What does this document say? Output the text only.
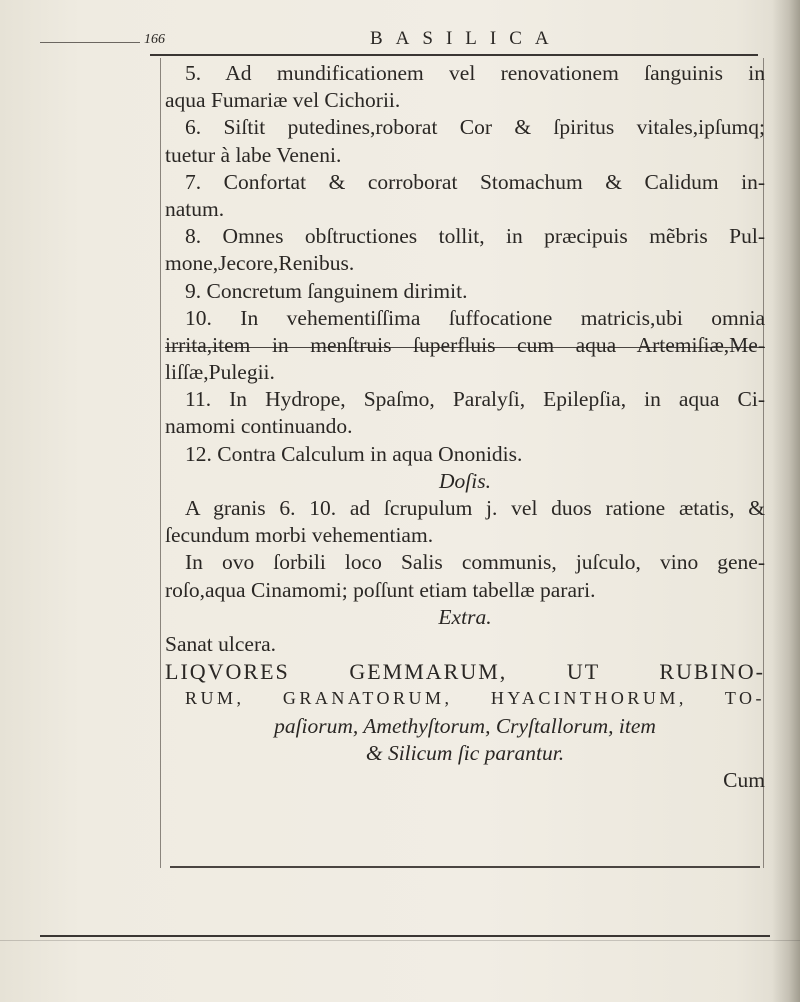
166	BASILICA
5. Ad mundificationem vel renovationem ſanguinis in
aqua Fumariæ vel Cichorii.
6. Siſtit putedines,roborat Cor & ſpiritus vitales,ipſumq;
tuetur à labe Veneni.
7. Confortat & corroborat Stomachum & Calidum in-
natum.
8. Omnes obſtructiones tollit, in præcipuis mẽbris Pul-
mone,Jecore,Renibus.
9. Concretum ſanguinem dirimit.
10. In vehementiſſima ſuffocatione matricis,ubi omnia
irrita,item in menſtruis ſuperfluis cum aqua Artemiſiæ,Me-
liſſæ,Pulegii.
11. In Hydrope, Spaſmo, Paralyſi, Epilepſia, in aqua Ci-
namomi continuando.
12. Contra Calculum in aqua Ononidis.
Doſis.
A granis 6. 10. ad ſcrupulum j. vel duos ratione ætatis, &
ſecundum morbi vehementiam.
In ovo ſorbili loco Salis communis, juſculo, vino gene-
roſo,aqua Cinamomi; poſſunt etiam tabellæ parari.
Extra.
Sanat ulcera.
LIQVORES GEMMARUM, UT RUBINO-
RUM, GRANATORUM, HYACINTHORUM, TO-
paſiorum, Amethyſtorum, Cryſtallorum, item
& Silicum ſic parantur.
Cum
